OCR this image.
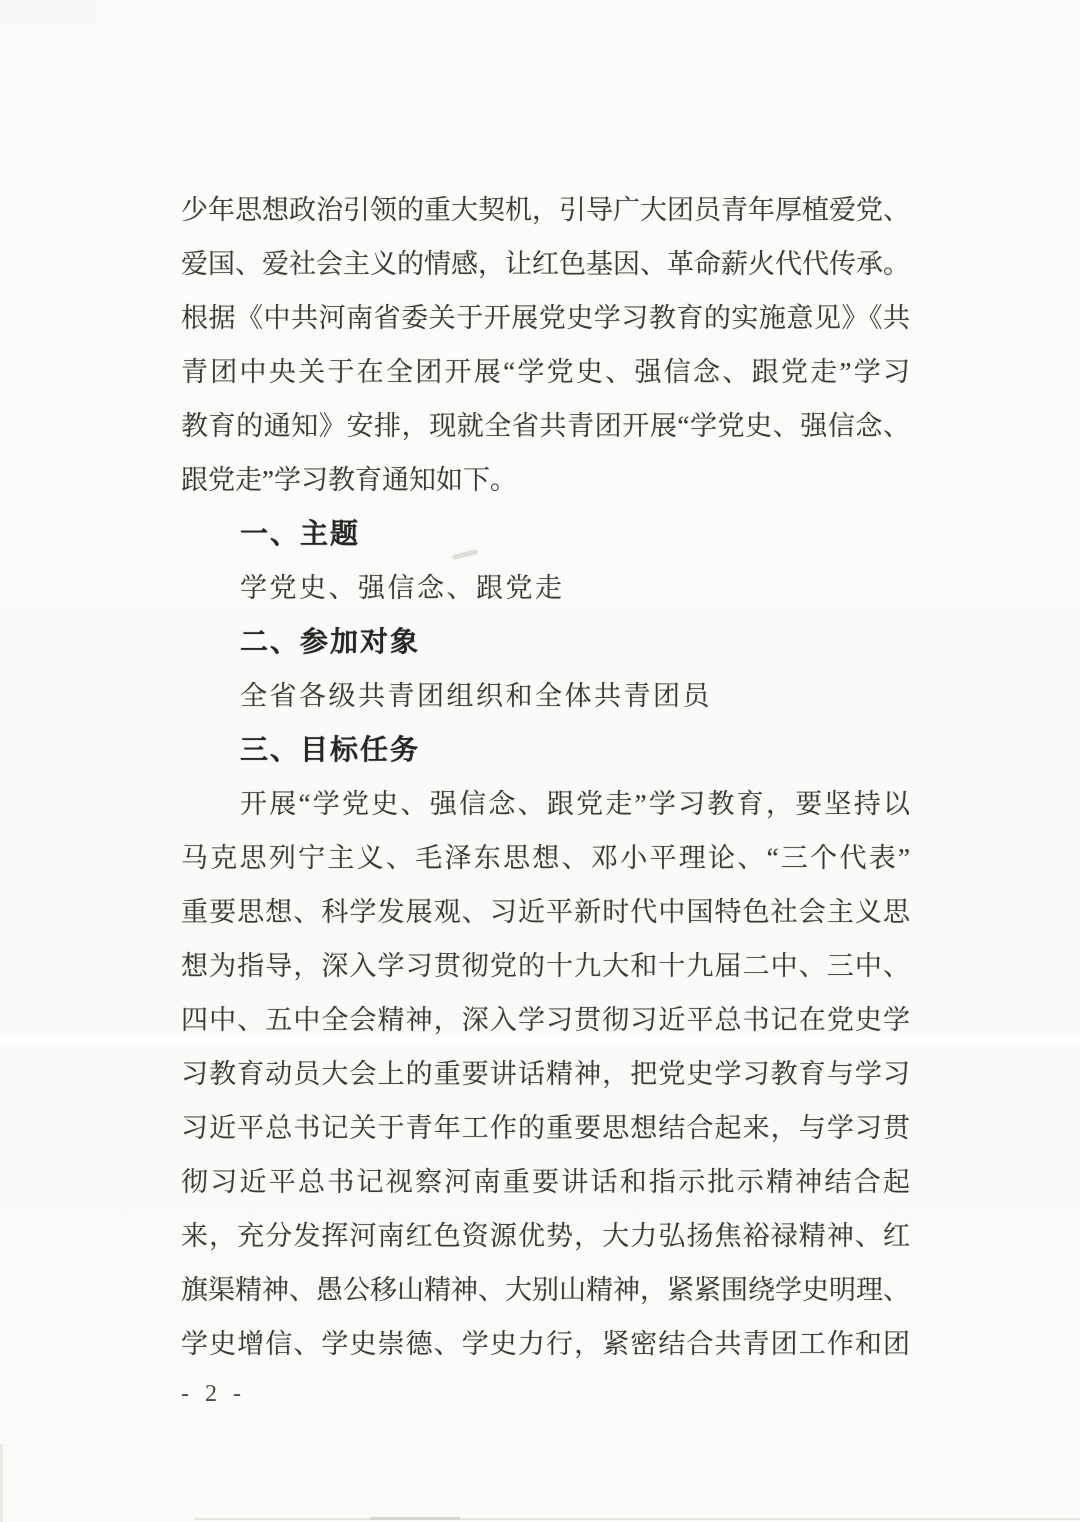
少年思想政治引领的重大契机，引导广大团员青年厚植爱党、
爱国、爱社会主义的情感，让红色基因、革命薪火代代传承。
根据《中共河南省委关于开展党史学习教育的实施意见》《共
青团中央关于在全团开展“学党史、强信念、跟党走”学习
教育的通知》安排，现就全省共青团开展“学党史、强信念、
跟党走”学习教育通知如下。
一、主题
学党史、强信念、跟党走
二、参加对象
全省各级共青团组织和全体共青团员
三、目标任务
开展“学党史、强信念、跟党走”学习教育，要坚持以
马克思列宁主义、毛泽东思想、邓小平理论、“三个代表”
重要思想、科学发展观、习近平新时代中国特色社会主义思
想为指导，深入学习贯彻党的十九大和十九届二中、三中、
四中、五中全会精神，深入学习贯彻习近平总书记在党史学
习教育动员大会上的重要讲话精神，把党史学习教育与学习
习近平总书记关于青年工作的重要思想结合起来，与学习贯
彻习近平总书记视察河南重要讲话和指示批示精神结合起
来，充分发挥河南红色资源优势，大力弘扬焦裕禄精神、红
旗渠精神、愚公移山精神、大别山精神，紧紧围绕学史明理、
学史增信、学史崇德、学史力行，紧密结合共青团工作和团
- 2 -
